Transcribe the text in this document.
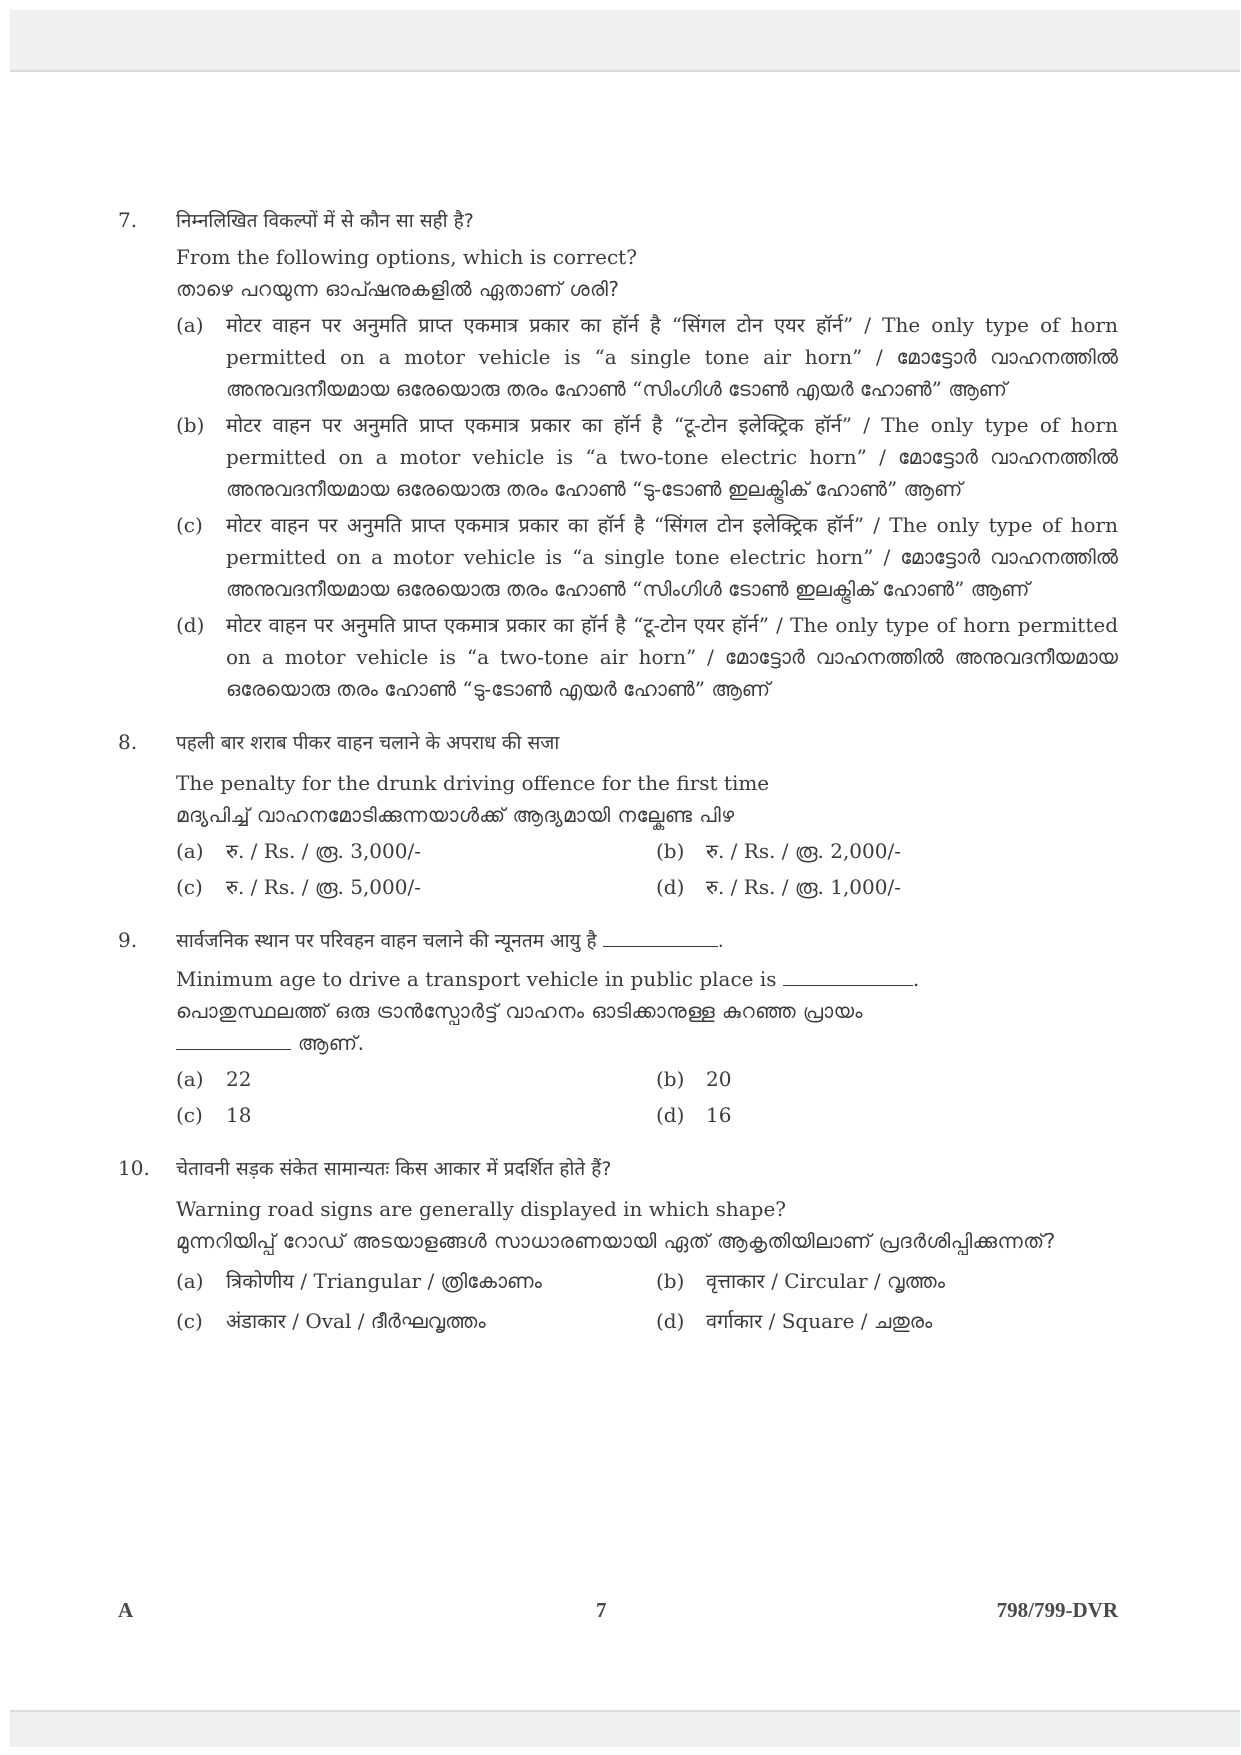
7. निम्नलिखित विकल्पों में से कौन सा सही है?

From the following options, which is correct?

താഴെ പറയുന്ന ഓപ്ഷനുകളിൽ ഏതാണ് ശരി?

(a) मोटर वाहन पर अनुमति प्राप्त एकमात्र प्रकार का हॉर्न है “सिंगल टोन एयर हॉर्न” / The only type of horn permitted on a motor vehicle is “a single tone air horn” / മോട്ടോർ വാഹനത്തിൽ അനുവദനീയമായ ഒരേയൊരു തരം ഹോൺ “സിംഗിൾ ടോൺ എയർ ഹോൺ” ആണ്
(b) मोटर वाहन पर अनुमति प्राप्त एकमात्र प्रकार का हॉर्न है “टू-टोन इलेक्ट्रिक हॉर्न” / The only type of horn permitted on a motor vehicle is “a two-tone electric horn” / മോട്ടോർ വാഹനത്തിൽ അനുവദനീയമായ ഒരേയൊരു തരം ഹോൺ “ടു-ടോൺ ഇലക്ട്രിക് ഹോൺ” ആണ്
(c) मोटर वाहन पर अनुमति प्राप्त एकमात्र प्रकार का हॉर्न है “सिंगल टोन इलेक्ट्रिक हॉर्न” / The only type of horn permitted on a motor vehicle is “a single tone electric horn” / മോട്ടോർ വാഹനത്തിൽ അനുവദനീയമായ ഒരേയൊരു തരം ഹോൺ “സിംഗിൾ ടോൺ ഇലക്ട്രിക് ഹോൺ” ആണ്
(d) मोटर वाहन पर अनुमति प्राप्त एकमात्र प्रकार का हॉर्न है “टू-टोन एयर हॉर्न” / The only type of horn permitted on a motor vehicle is “a two-tone air horn” / മോട്ടോർ വാഹനത്തിൽ അനുവദനീയമായ ഒരേയൊരു തരം ഹോൺ “ടു-ടോൺ എയർ ഹോൺ” ആണ്
8. पहली बार शराब पीकर वाहन चलाने के अपराध की सजा

The penalty for the drunk driving offence for the first time

മദ്യപിച്ച് വാഹനമോടിക്കുന്നയാൾക്ക് ആദ്യമായി നല്കേണ്ട പിഴ

(a) रु. / Rs. / രൂ. 3,000/-	(b) रु. / Rs. / രൂ. 2,000/-
(c) रु. / Rs. / രൂ. 5,000/-	(d) रु. / Rs. / രൂ. 1,000/-
9. सार्वजनिक स्थान पर परिवहन वाहन चलाने की न्यूनतम आयु है	.

Minimum age to drive a transport vehicle in public place is	.

പൊതുസ്ഥലത്ത് ഒരു ട്രാൻസ്പോർട്ട് വാഹനം ഓടിക്കാനുള്ള കുറഞ്ഞ പ്രായം
ആണ്.

(a) 22	(b) 20
(c) 18	(d) 16
10. चेतावनी सड़क संकेत सामान्यतः किस आकार में प्रदर्शित होते हैं?

Warning road signs are generally displayed in which shape?

മുന്നറിയിപ്പ് റോഡ് അടയാളങ്ങൾ സാധാരണയായി ഏത് ആകൃതിയിലാണ് പ്രദർശിപ്പിക്കുന്നത്?

(a) त्रिकोणीय / Triangular / ത്രികോണം	(b) वृत्ताकार / Circular / വൃത്തം
(c) अंडाकार / Oval / ദീർഘവൃത്തം	(d) वर्गाकार / Square / ചതുരം
A	7	798/799-DVR
